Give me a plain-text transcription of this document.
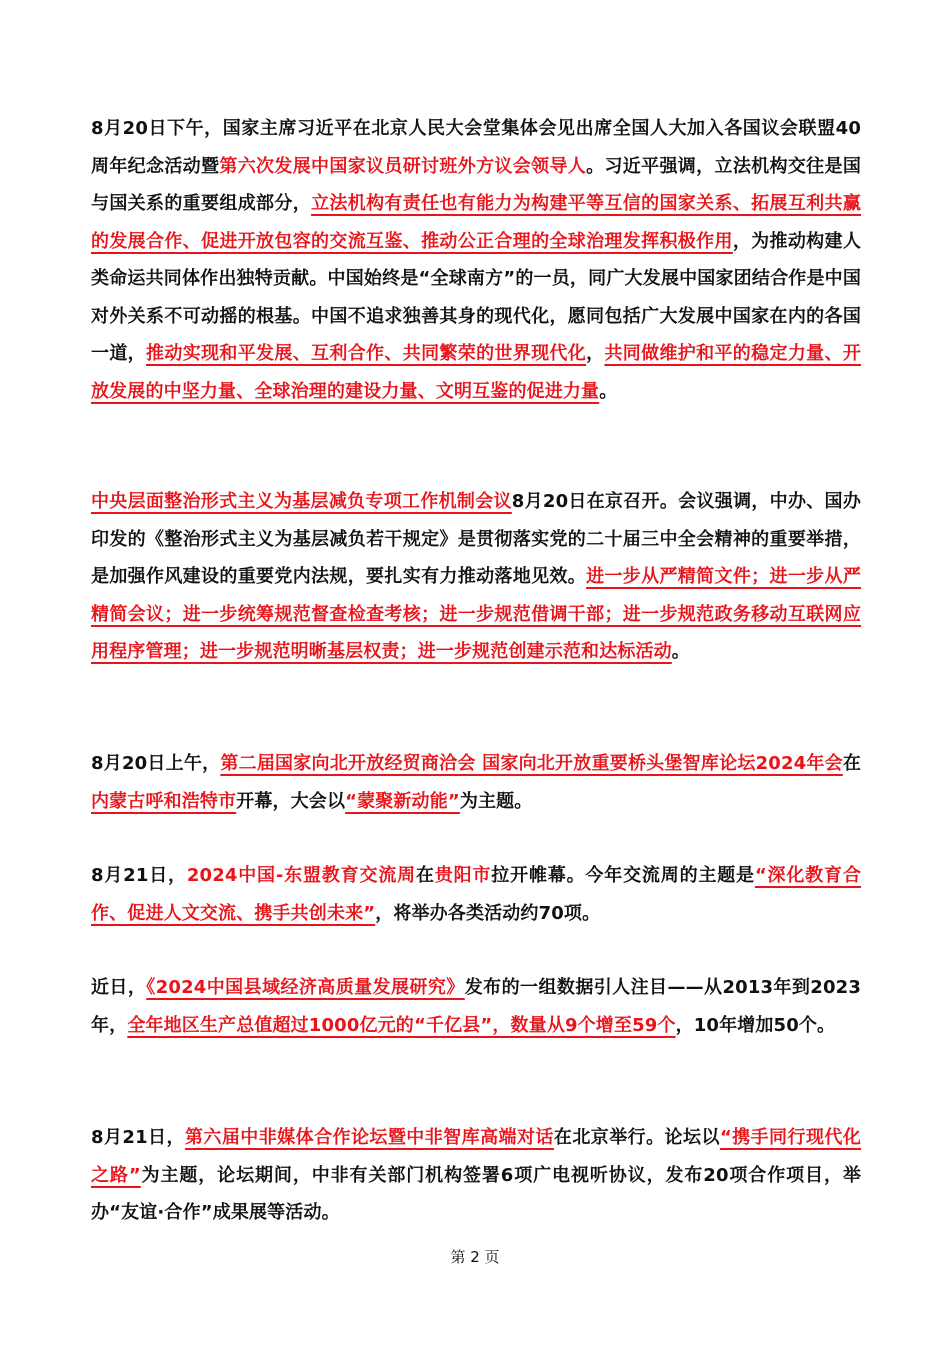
8月20日下午，国家主席习近平在北京人民大会堂集体会见出席全国人大加入各国议会联盟40周年纪念活动暨第六次发展中国家议员研讨班外方议会领导人。习近平强调，立法机构交往是国与国关系的重要组成部分，立法机构有责任也有能力为构建平等互信的国家关系、拓展互利共赢的发展合作、促进开放包容的交流互鉴、推动公正合理的全球治理发挥积极作用，为推动构建人类命运共同体作出独特贡献。中国始终是“全球南方”的一员，同广大发展中国家团结合作是中国对外关系不可动摇的根基。中国不追求独善其身的现代化，愿同包括广大发展中国家在内的各国一道，推动实现和平发展、互利合作、共同繁荣的世界现代化，共同做维护和平的稳定力量、开放发展的中坚力量、全球治理的建设力量、文明互鉴的促进力量。

中央层面整治形式主义为基层减负专项工作机制会议8月20日在京召开。会议强调，中办、国办印发的《整治形式主义为基层减负若干规定》是贯彻落实党的二十届三中全会精神的重要举措，是加强作风建设的重要党内法规，要扎实有力推动落地见效。进一步从严精简文件；进一步从严精简会议；进一步统筹规范督查检查考核；进一步规范借调干部；进一步规范政务移动互联网应用程序管理；进一步规范明晰基层权责；进一步规范创建示范和达标活动。

8月20日上午，第二届国家向北开放经贸商洽会 国家向北开放重要桥头堡智库论坛2024年会在内蒙古呼和浩特市开幕，大会以“蒙聚新动能”为主题。

8月21日，2024中国-东盟教育交流周在贵阳市拉开帷幕。今年交流周的主题是“深化教育合作、促进人文交流、携手共创未来”，将举办各类活动约70项。

近日，《2024中国县域经济高质量发展研究》发布的一组数据引人注目——从2013年到2023年，全年地区生产总值超过1000亿元的“千亿县”，数量从9个增至59个，10年增加50个。

8月21日，第六届中非媒体合作论坛暨中非智库高端对话在北京举行。论坛以“携手同行现代化之路”为主题，论坛期间，中非有关部门机构签署6项广电视听协议，发布20项合作项目，举办“友谊·合作”成果展等活动。

第 2 页
